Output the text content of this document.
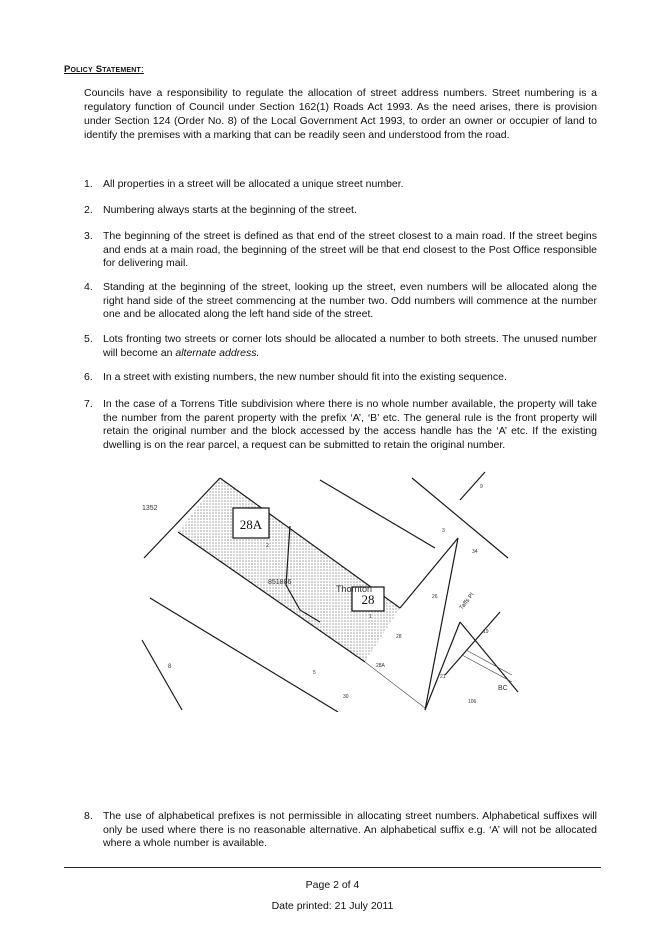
Policy Statement:

Councils have a responsibility to regulate the allocation of street address numbers. Street numbering is a regulatory function of Council under Section 162(1) Roads Act 1993. As the need arises, there is provision under Section 124 (Order No. 8) of the Local Government Act 1993, to order an owner or occupier of land to identify the premises with a marking that can be readily seen and understood from the road.

1. All properties in a street will be allocated a unique street number.
2. Numbering always starts at the beginning of the street.
3. The beginning of the street is defined as that end of the street closest to a main road. If the street begins and ends at a main road, the beginning of the street will be that end closest to the Post Office responsible for delivering mail.
4. Standing at the beginning of the street, looking up the street, even numbers will be allocated along the right hand side of the street commencing at the number two. Odd numbers will commence at the number one and be allocated along the left hand side of the street.
5. Lots fronting two streets or corner lots should be allocated a number to both streets. The unused number will become an alternate address.
6. In a street with existing numbers, the new number should fit into the existing sequence.
7. In the case of a Torrens Title subdivision where there is no whole number available, the property will take the number from the parent property with the prefix ‘A’, ‘B’ etc. The general rule is the front property will retain the original number and the block accessed by the access handle has the ‘A’ etc. If the existing dwelling is on the rear parcel, a request can be submitted to retain the original number.
28A
28
851886
Thornton
1352
2
1
9
3
5
8
26
28
28A
30
34
19
21
106
Taffs Pl
BC
8. The use of alphabetical prefixes is not permissible in allocating street numbers. Alphabetical suffixes will only be used where there is no reasonable alternative. An alphabetical suffix e.g. ‘A’ will not be allocated where a whole number is available.
Page 2 of 4
Date printed: 21 July 2011
